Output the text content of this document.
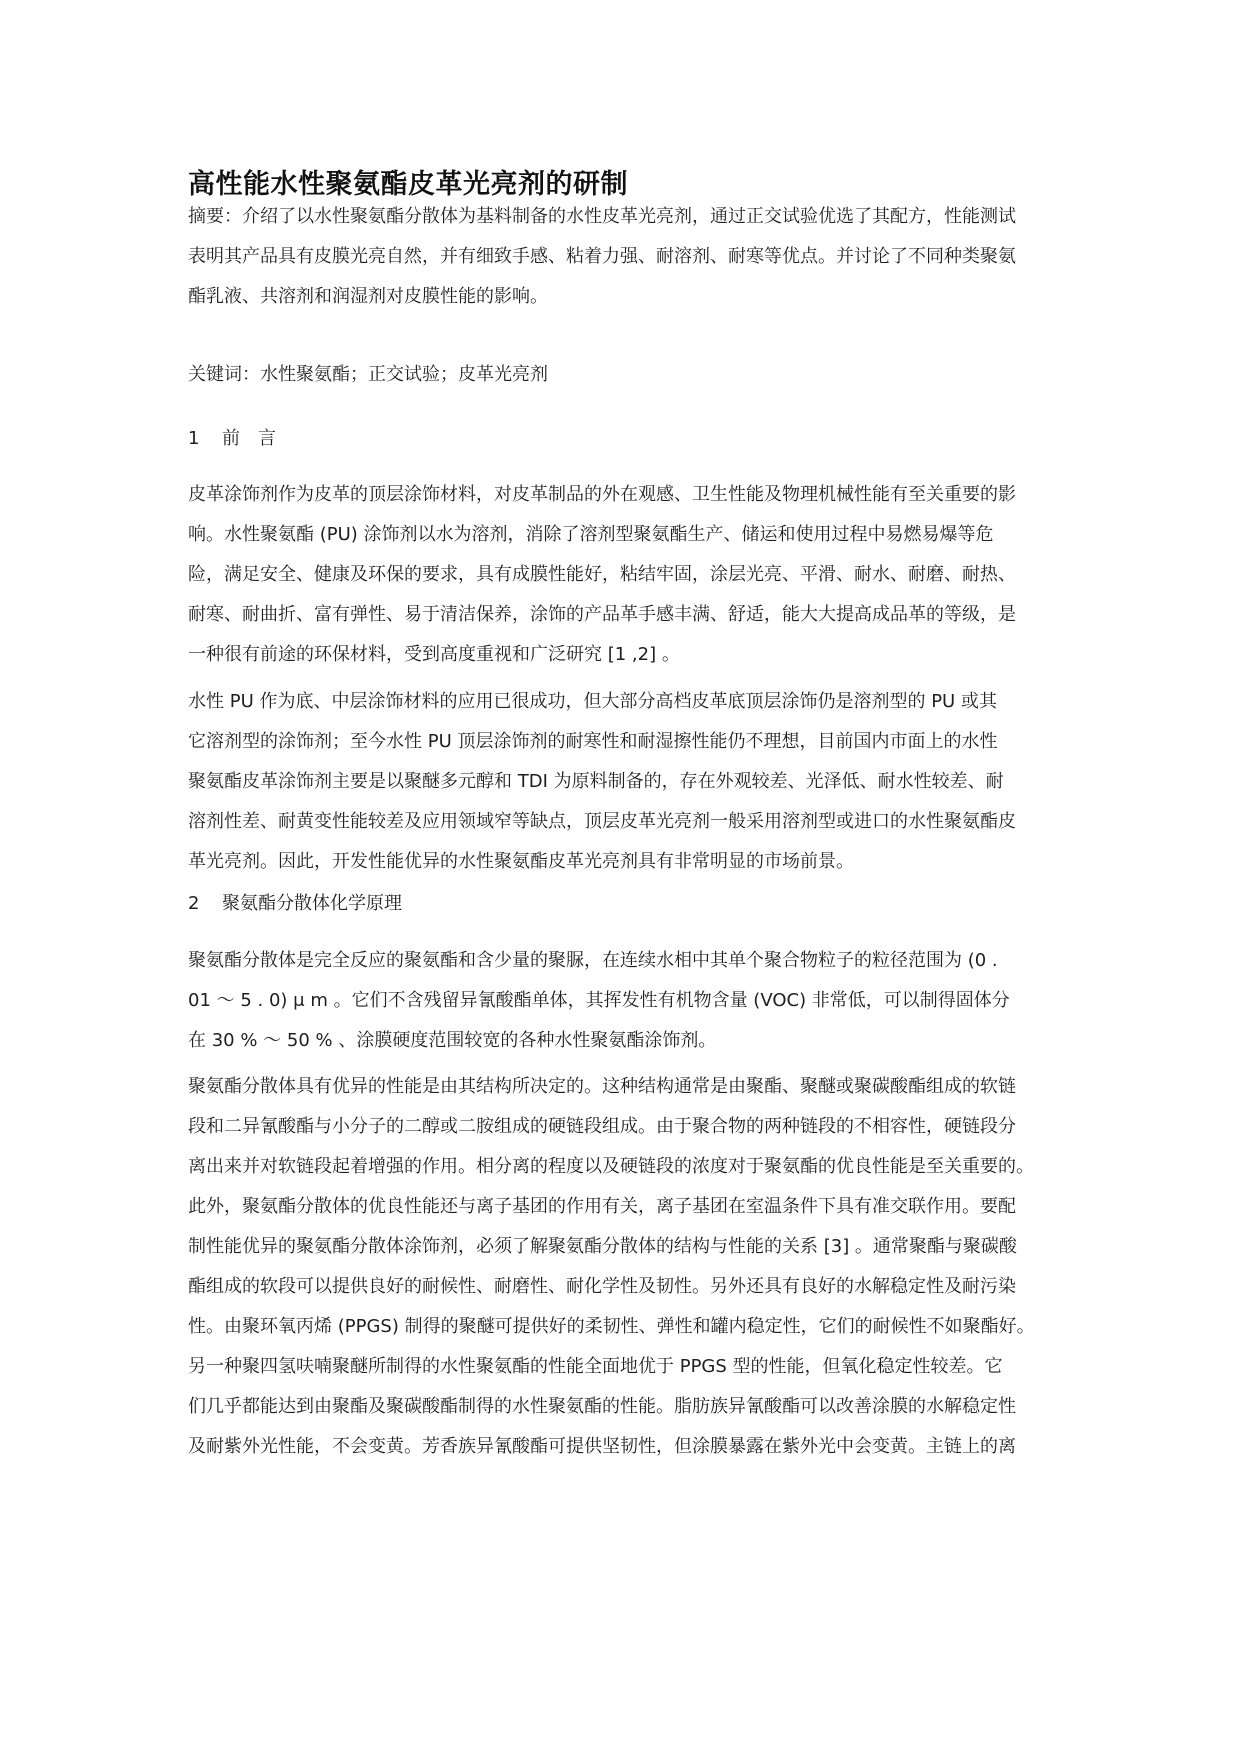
高性能水性聚氨酯皮革光亮剂的研制
摘要：介绍了以水性聚氨酯分散体为基料制备的水性皮革光亮剂，通过正交试验优选了其配方，性能测试
表明其产品具有皮膜光亮自然，并有细致手感、粘着力强、耐溶剂、耐寒等优点。并讨论了不同种类聚氨
酯乳液、共溶剂和润湿剂对皮膜性能的影响。
关键词：水性聚氨酯；正交试验；皮革光亮剂
1 前　言
皮革涂饰剂作为皮革的顶层涂饰材料，对皮革制品的外在观感、卫生性能及物理机械性能有至关重要的影
响。水性聚氨酯 (PU) 涂饰剂以水为溶剂，消除了溶剂型聚氨酯生产、储运和使用过程中易燃易爆等危
险，满足安全、健康及环保的要求，具有成膜性能好，粘结牢固，涂层光亮、平滑、耐水、耐磨、耐热、
耐寒、耐曲折、富有弹性、易于清洁保养，涂饰的产品革手感丰满、舒适，能大大提高成品革的等级，是
一种很有前途的环保材料，受到高度重视和广泛研究 [1 ,2] 。
水性 PU 作为底、中层涂饰材料的应用已很成功，但大部分高档皮革底顶层涂饰仍是溶剂型的 PU 或其
它溶剂型的涂饰剂；至今水性 PU 顶层涂饰剂的耐寒性和耐湿擦性能仍不理想，目前国内市面上的水性
聚氨酯皮革涂饰剂主要是以聚醚多元醇和 TDI 为原料制备的，存在外观较差、光泽低、耐水性较差、耐
溶剂性差、耐黄变性能较差及应用领域窄等缺点，顶层皮革光亮剂一般采用溶剂型或进口的水性聚氨酯皮
革光亮剂。因此，开发性能优异的水性聚氨酯皮革光亮剂具有非常明显的市场前景。
2 聚氨酯分散体化学原理
聚氨酯分散体是完全反应的聚氨酯和含少量的聚脲，在连续水相中其单个聚合物粒子的粒径范围为 (0 .
01 ～ 5 . 0) μ m 。它们不含残留异氰酸酯单体，其挥发性有机物含量 (VOC) 非常低，可以制得固体分
在 30 % ～ 50 % 、涂膜硬度范围较宽的各种水性聚氨酯涂饰剂。
聚氨酯分散体具有优异的性能是由其结构所决定的。这种结构通常是由聚酯、聚醚或聚碳酸酯组成的软链
段和二异氰酸酯与小分子的二醇或二胺组成的硬链段组成。由于聚合物的两种链段的不相容性，硬链段分
离出来并对软链段起着增强的作用。相分离的程度以及硬链段的浓度对于聚氨酯的优良性能是至关重要的。
此外，聚氨酯分散体的优良性能还与离子基团的作用有关，离子基团在室温条件下具有准交联作用。要配
制性能优异的聚氨酯分散体涂饰剂，必须了解聚氨酯分散体的结构与性能的关系 [3] 。通常聚酯与聚碳酸
酯组成的软段可以提供良好的耐候性、耐磨性、耐化学性及韧性。另外还具有良好的水解稳定性及耐污染
性。由聚环氧丙烯 (PPGS) 制得的聚醚可提供好的柔韧性、弹性和罐内稳定性，它们的耐候性不如聚酯好。
另一种聚四氢呋喃聚醚所制得的水性聚氨酯的性能全面地优于 PPGS 型的性能，但氧化稳定性较差。它
们几乎都能达到由聚酯及聚碳酸酯制得的水性聚氨酯的性能。脂肪族异氰酸酯可以改善涂膜的水解稳定性
及耐紫外光性能，不会变黄。芳香族异氰酸酯可提供坚韧性，但涂膜暴露在紫外光中会变黄。主链上的离
